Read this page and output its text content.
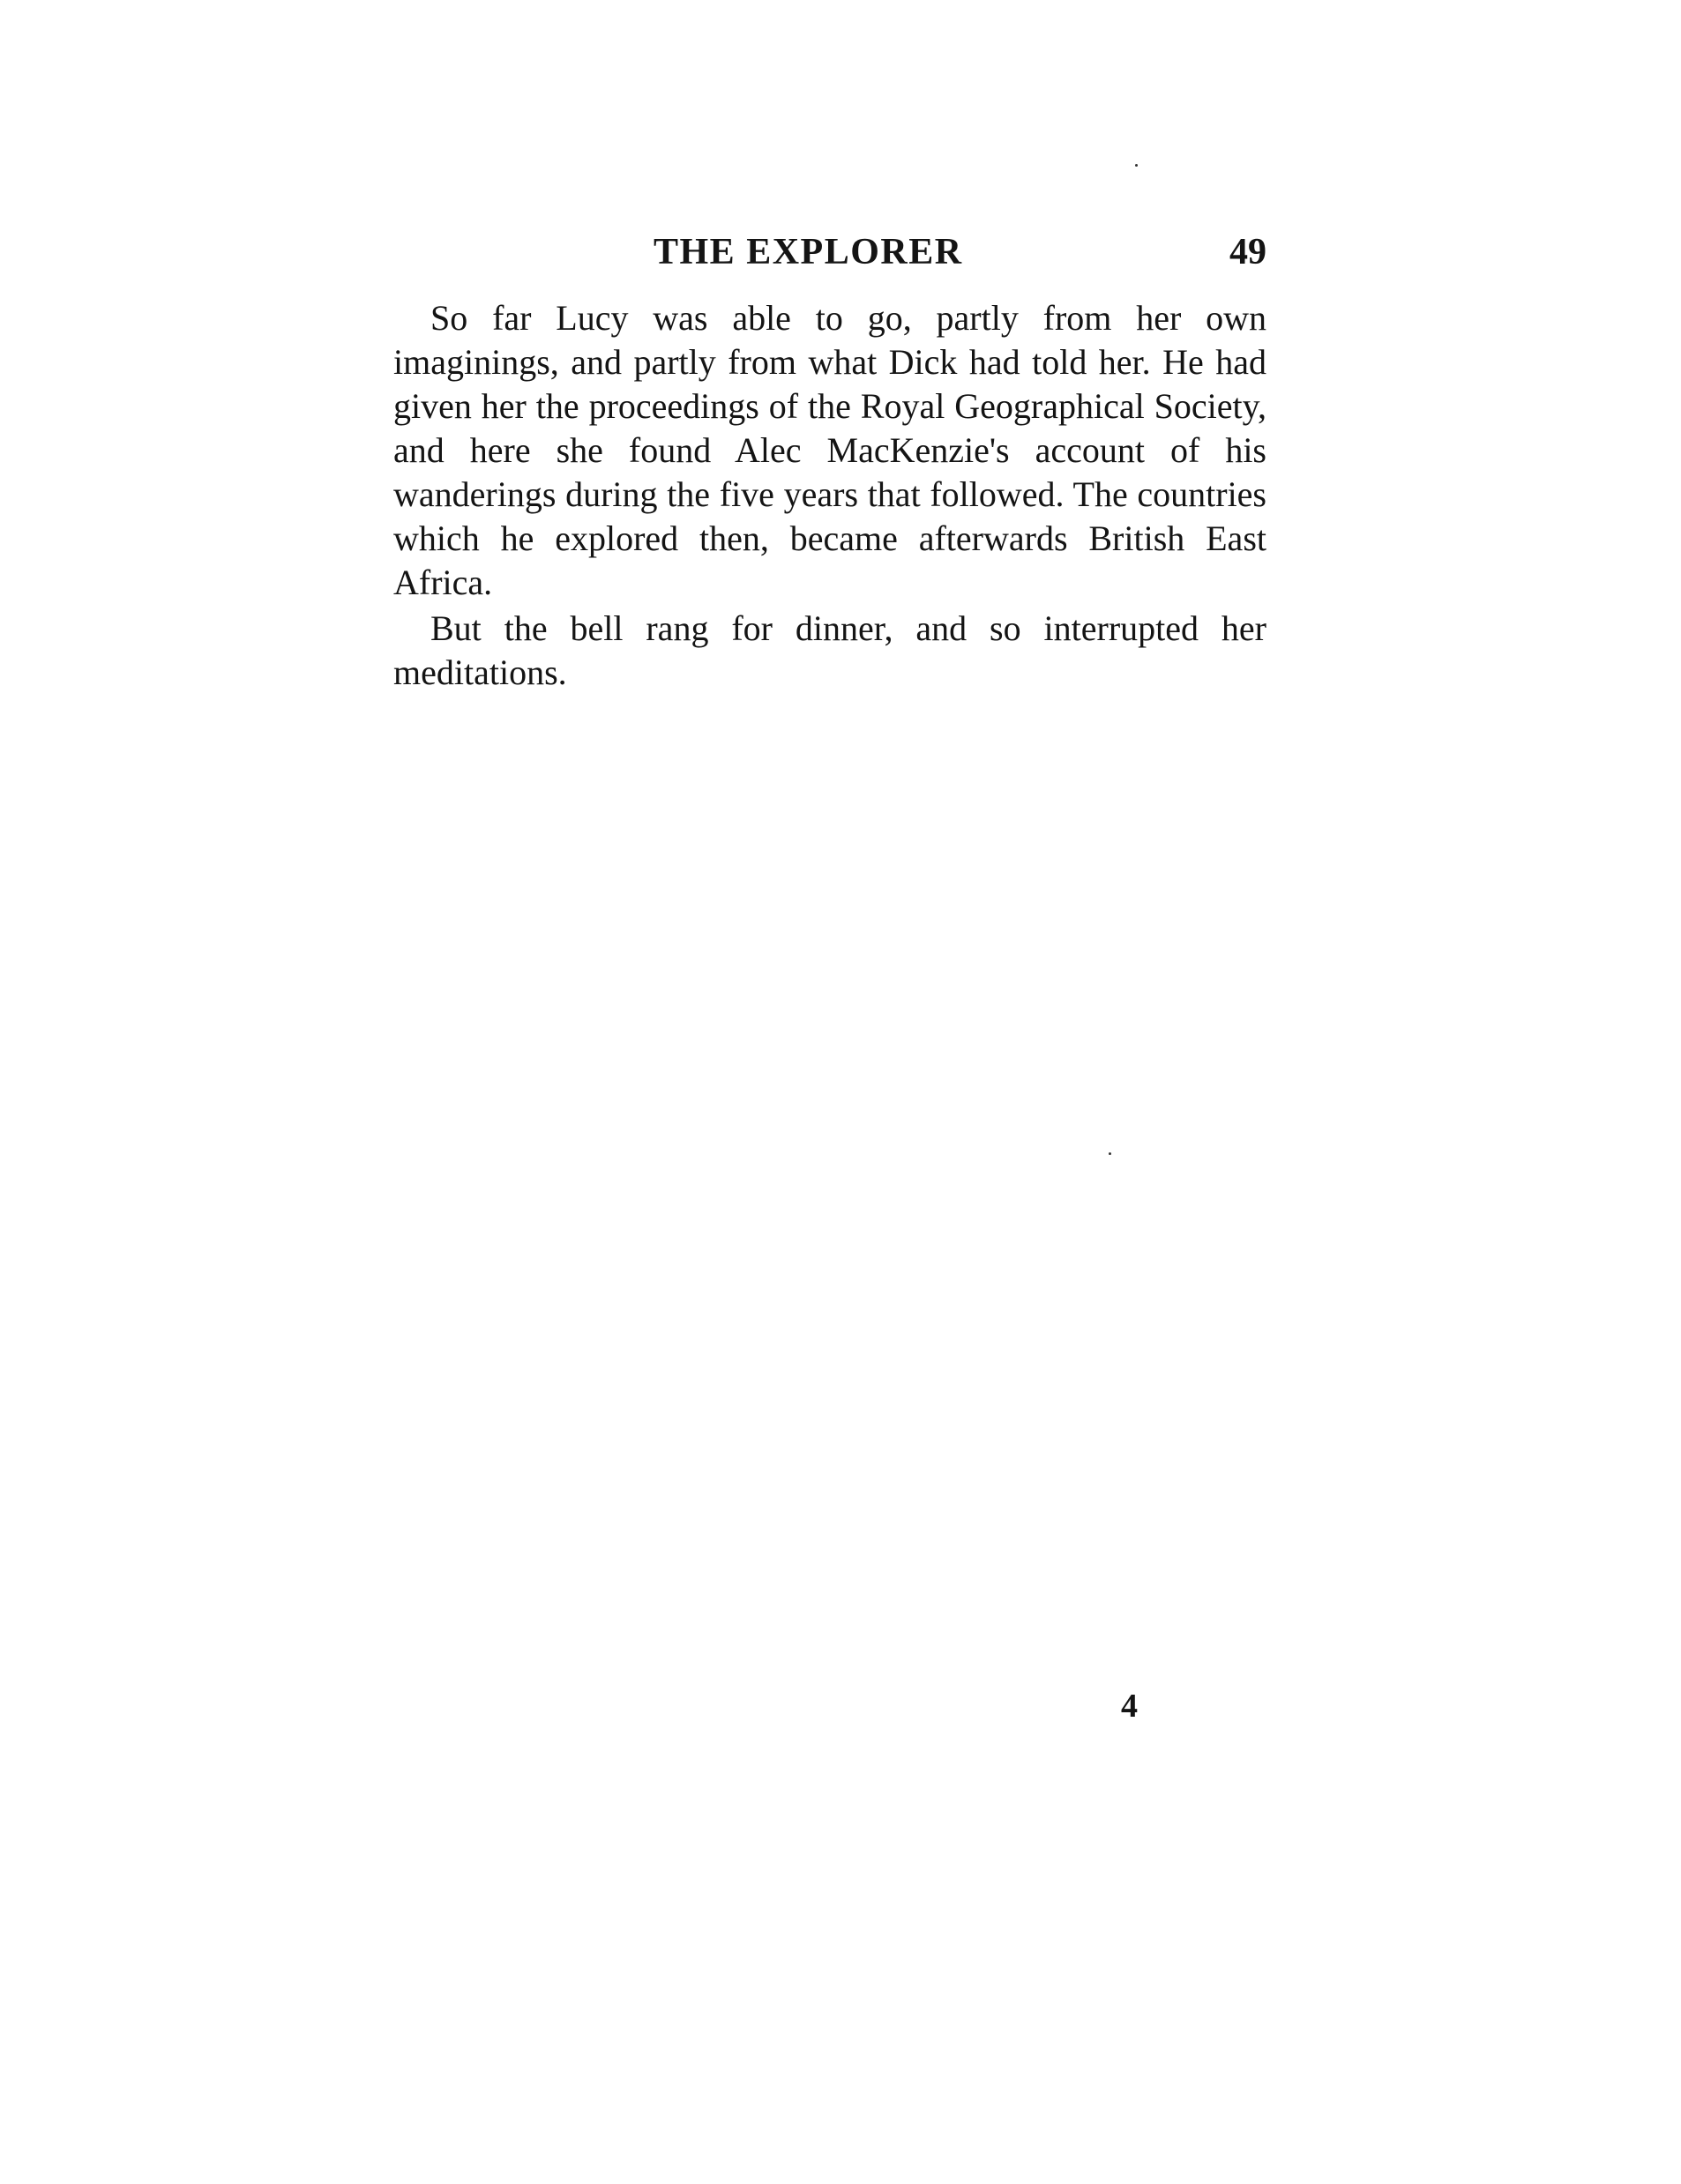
THE EXPLORER	49

So far Lucy was able to go, partly from her own imaginings, and partly from what Dick had told her. He had given her the proceedings of the Royal Geographical Society, and here she found Alec MacKenzie's account of his wanderings during the five years that followed. The countries which he explored then, became afterwards British East Africa.

But the bell rang for dinner, and so interrupted her meditations.

4
